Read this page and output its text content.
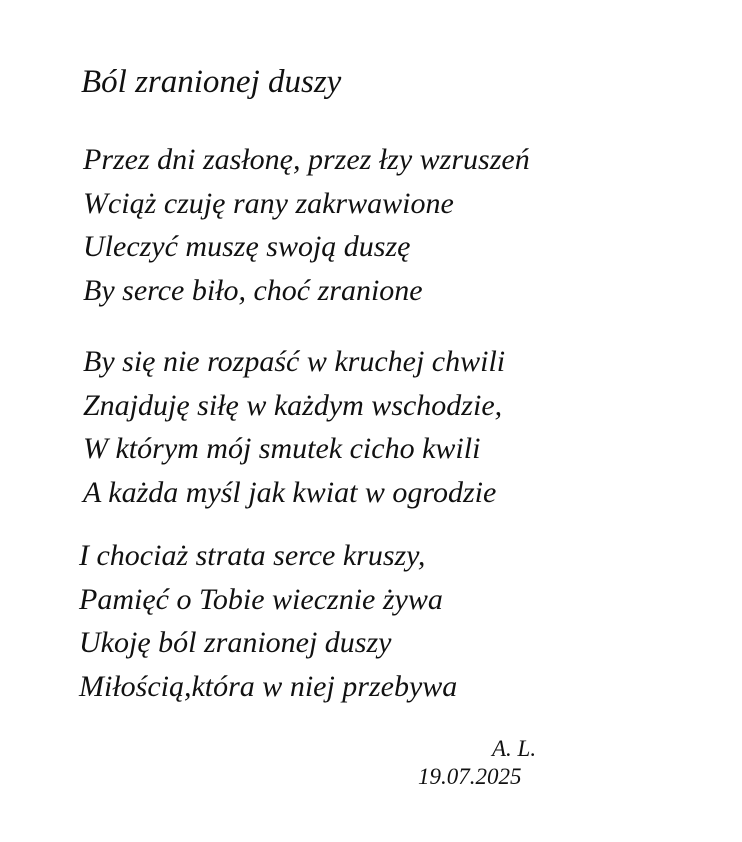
Ból zranionej duszy
Przez dni zasłonę, przez łzy wzruszeń
Wciąż czuję rany zakrwawione
Uleczyć muszę swoją duszę
By serce biło, choć zranione
By się nie rozpaść w kruchej chwili
Znajduję siłę w każdym wschodzie,
W którym mój smutek cicho kwili
A każda myśl jak kwiat w ogrodzie
I chociaż strata serce kruszy,
Pamięć o Tobie wiecznie żywa
Ukoję ból zranionej duszy
Miłością,która w niej przebywa
A. L.
19.07.2025
